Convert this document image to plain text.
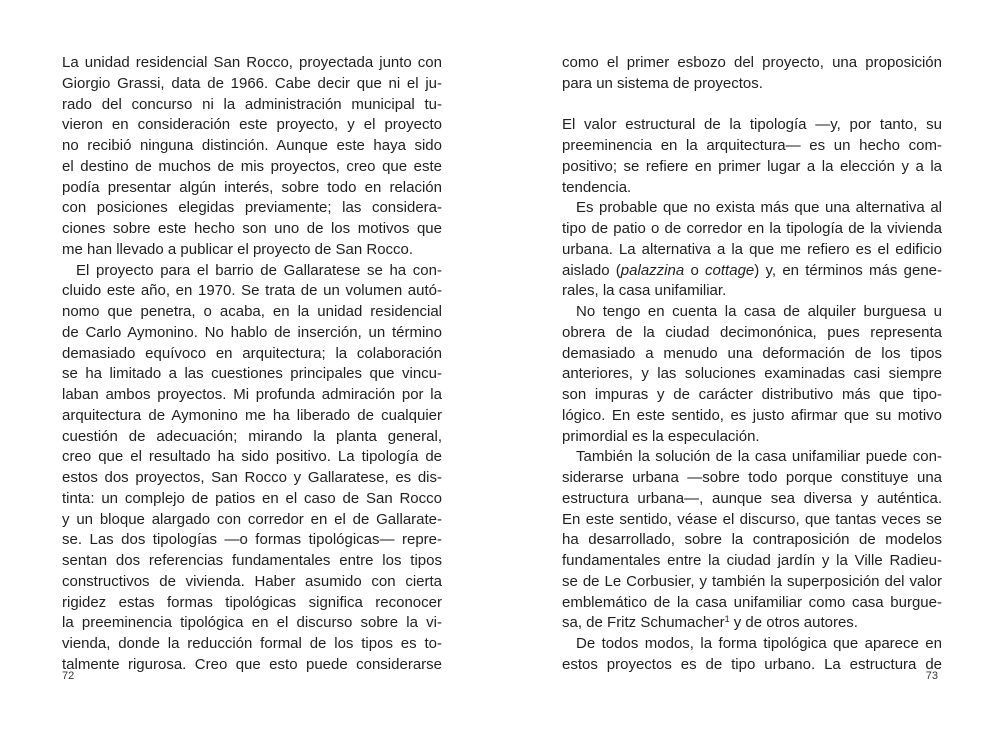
La unidad residencial San Rocco, proyectada junto con
Giorgio Grassi, data de 1966. Cabe decir que ni el ju-
rado del concurso ni la administración municipal tu-
vieron en consideración este proyecto, y el proyecto
no recibió ninguna distinción. Aunque este haya sido
el destino de muchos de mis proyectos, creo que este
podía presentar algún interés, sobre todo en relación
con posiciones elegidas previamente; las considera-
ciones sobre este hecho son uno de los motivos que
me han llevado a publicar el proyecto de San Rocco.
El proyecto para el barrio de Gallaratese se ha con-
cluido este año, en 1970. Se trata de un volumen autó-
nomo que penetra, o acaba, en la unidad residencial
de Carlo Aymonino. No hablo de inserción, un término
demasiado equívoco en arquitectura; la colaboración
se ha limitado a las cuestiones principales que vincu-
laban ambos proyectos. Mi profunda admiración por la
arquitectura de Aymonino me ha liberado de cualquier
cuestión de adecuación; mirando la planta general,
creo que el resultado ha sido positivo. La tipología de
estos dos proyectos, San Rocco y Gallaratese, es dis-
tinta: un complejo de patios en el caso de San Rocco
y un bloque alargado con corredor en el de Gallarate-
se. Las dos tipologías —o formas tipológicas— repre-
sentan dos referencias fundamentales entre los tipos
constructivos de vivienda. Haber asumido con cierta
rigidez estas formas tipológicas significa reconocer
la preeminencia tipológica en el discurso sobre la vi-
vienda, donde la reducción formal de los tipos es to-
talmente rigurosa. Creo que esto puede considerarse
72
como el primer esbozo del proyecto, una proposición
para un sistema de proyectos.
El valor estructural de la tipología —y, por tanto, su
preeminencia en la arquitectura— es un hecho com-
positivo; se refiere en primer lugar a la elección y a la
tendencia.
Es probable que no exista más que una alternativa al
tipo de patio o de corredor en la tipología de la vivienda
urbana. La alternativa a la que me refiero es el edificio
aislado (palazzina o cottage) y, en términos más gene-
rales, la casa unifamiliar.
No tengo en cuenta la casa de alquiler burguesa u
obrera de la ciudad decimonónica, pues representa
demasiado a menudo una deformación de los tipos
anteriores, y las soluciones examinadas casi siempre
son impuras y de carácter distributivo más que tipo-
lógico. En este sentido, es justo afirmar que su motivo
primordial es la especulación.
También la solución de la casa unifamiliar puede con-
siderarse urbana —sobre todo porque constituye una
estructura urbana—, aunque sea diversa y auténtica.
En este sentido, véase el discurso, que tantas veces se
ha desarrollado, sobre la contraposición de modelos
fundamentales entre la ciudad jardín y la Ville Radieu-
se de Le Corbusier, y también la superposición del valor
emblemático de la casa unifamiliar como casa burgue-
sa, de Fritz Schumacher$^1$ y de otros autores.
De todos modos, la forma tipológica que aparece en
estos proyectos es de tipo urbano. La estructura de
73
